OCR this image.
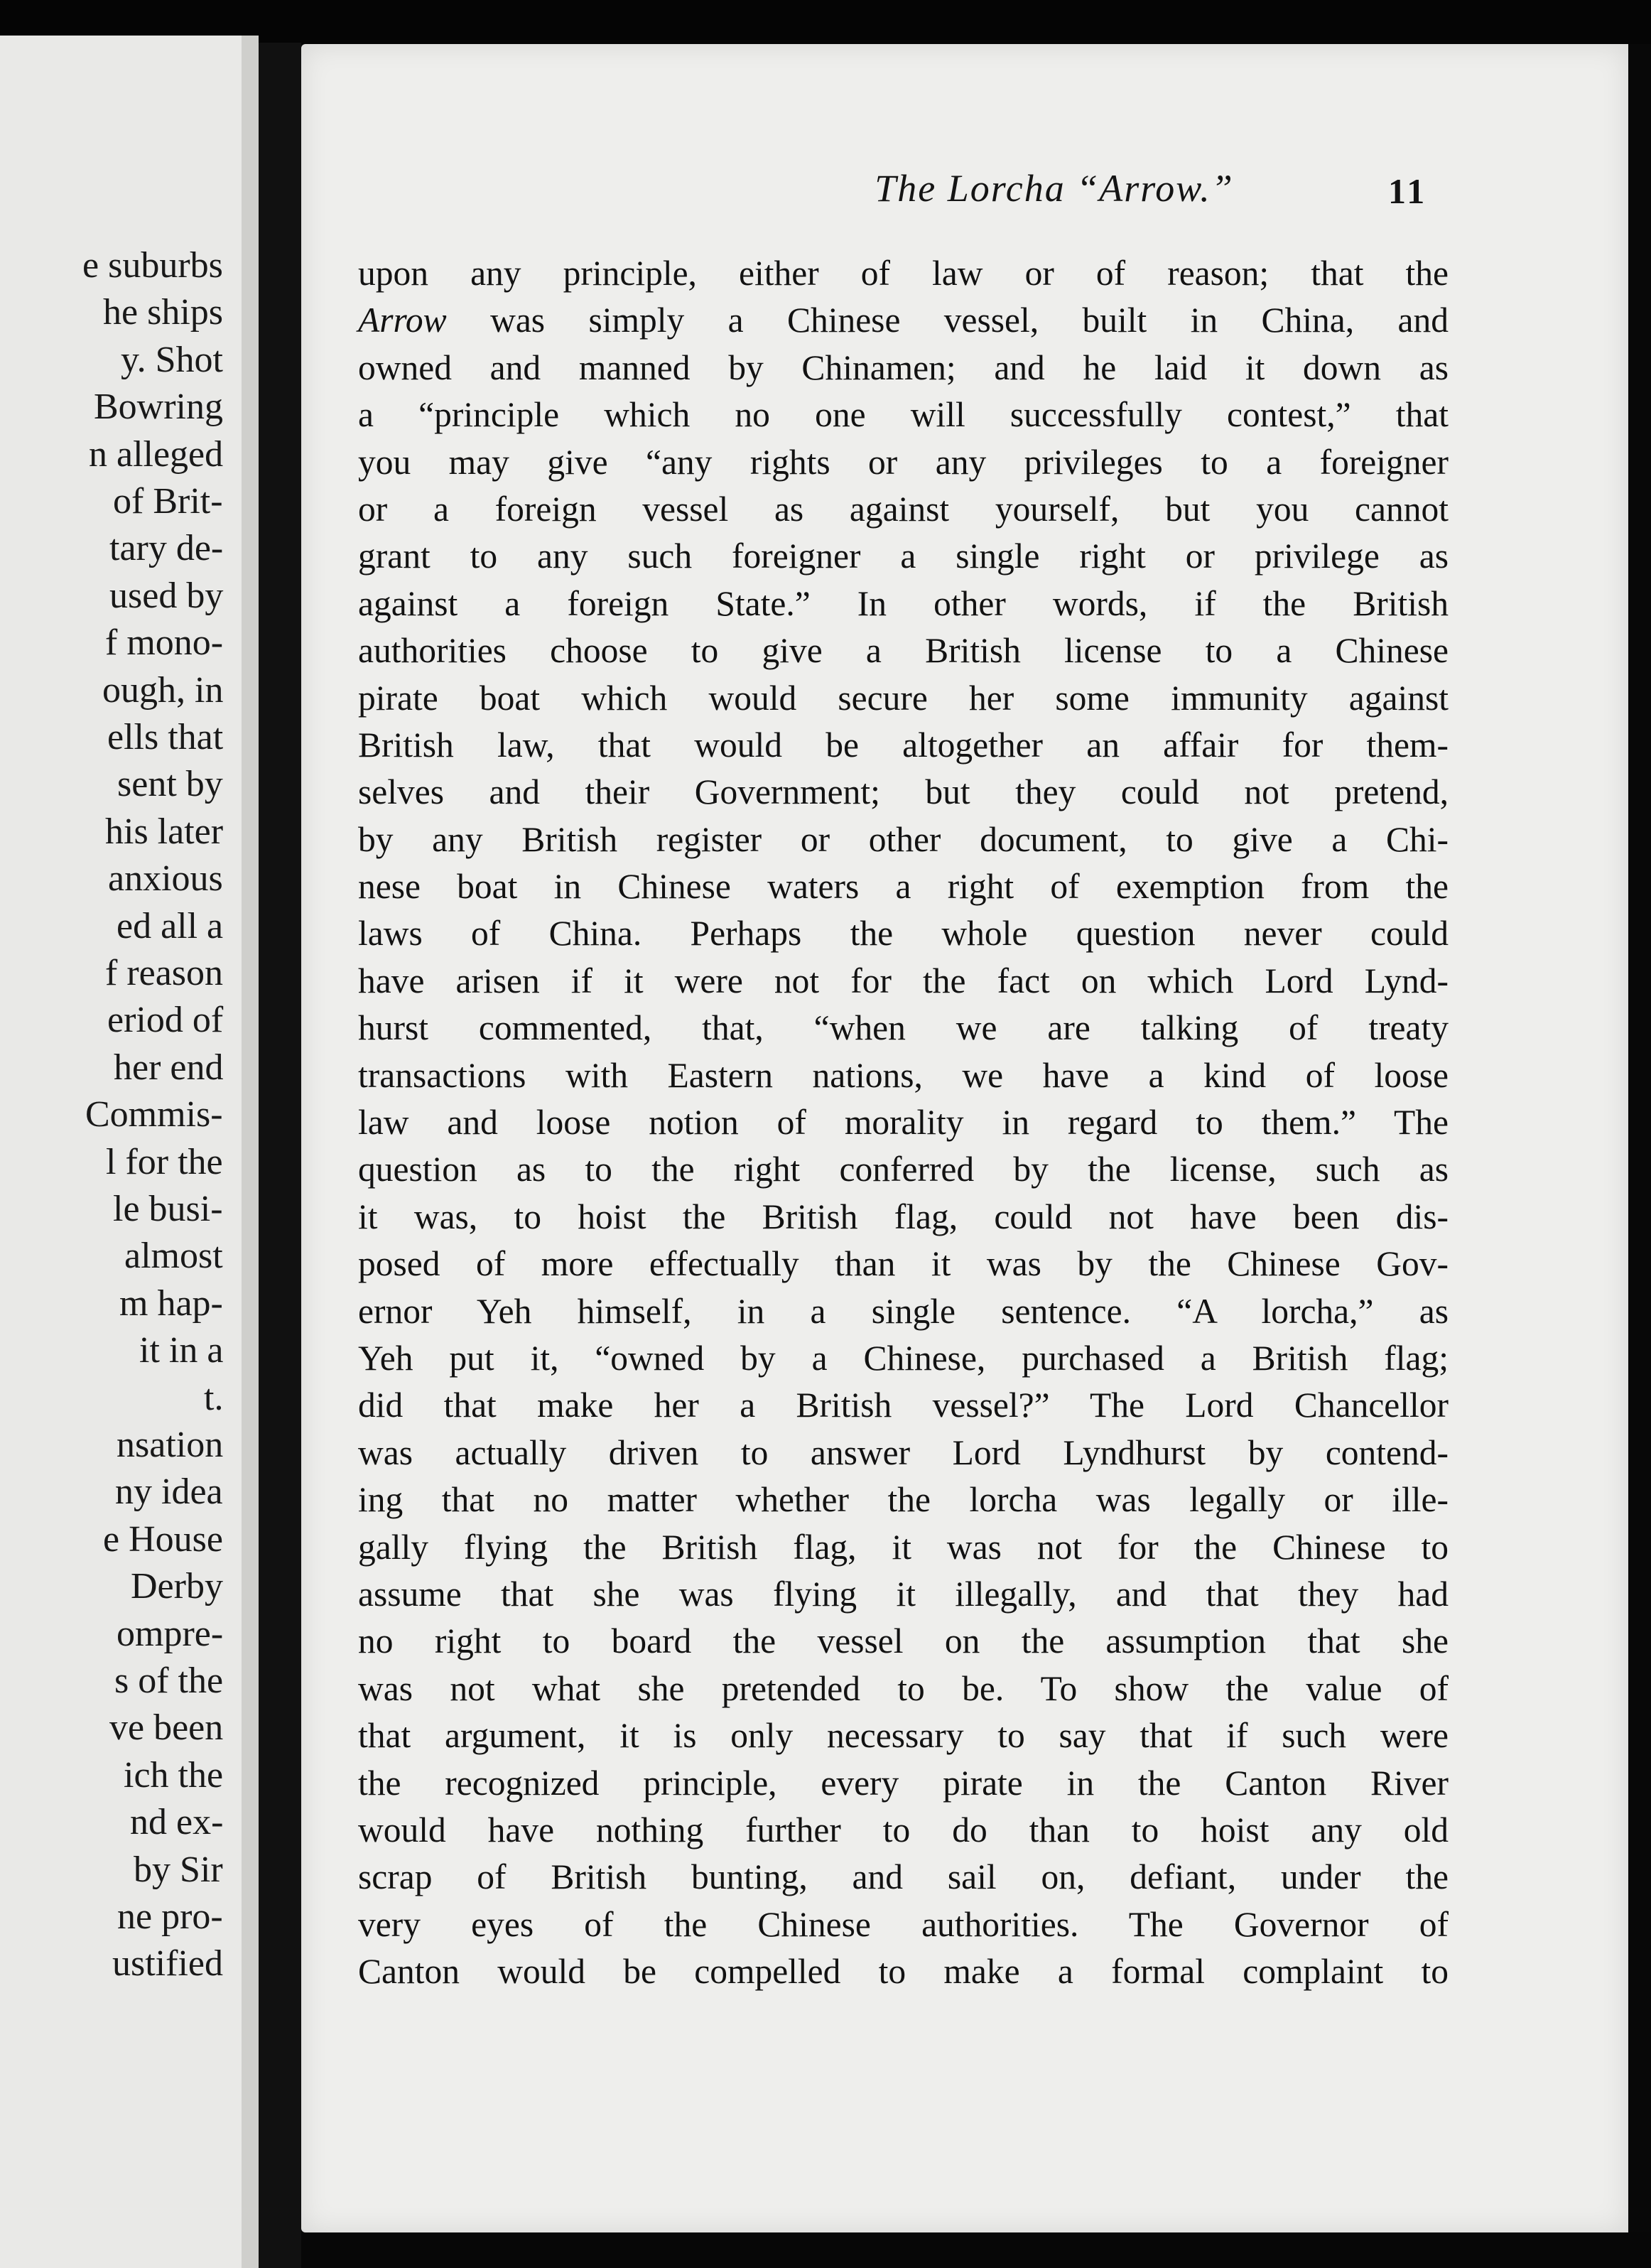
e suburbs
he ships
y. Shot
Bowring
n alleged
of Brit-
tary de-
used by
f mono-
ough, in
ells that
sent by
his later
anxious
ed all a
f reason
eriod of
her end
Commis-
l for the
le busi-
almost
m hap-
it in a
t.
nsation
ny idea
e House
Derby
ompre-
s of the
ve been
ich the
nd ex-
by Sir
ne pro-
ustified
The Lorcha “Arrow.”	11
upon any principle, either of law or of reason; that the
Arrow was simply a Chinese vessel, built in China, and
owned and manned by Chinamen; and he laid it down as
a “principle which no one will successfully contest,” that
you may give “any rights or any privileges to a foreigner
or a foreign vessel as against yourself, but you cannot
grant to any such foreigner a single right or privilege as
against a foreign State.” In other words, if the British
authorities choose to give a British license to a Chinese
pirate boat which would secure her some immunity against
British law, that would be altogether an affair for them-
selves and their Government; but they could not pretend,
by any British register or other document, to give a Chi-
nese boat in Chinese waters a right of exemption from the
laws of China. Perhaps the whole question never could
have arisen if it were not for the fact on which Lord Lynd-
hurst commented, that, “when we are talking of treaty
transactions with Eastern nations, we have a kind of loose
law and loose notion of morality in regard to them.” The
question as to the right conferred by the license, such as
it was, to hoist the British flag, could not have been dis-
posed of more effectually than it was by the Chinese Gov-
ernor Yeh himself, in a single sentence. “A lorcha,” as
Yeh put it, “owned by a Chinese, purchased a British flag;
did that make her a British vessel?” The Lord Chancellor
was actually driven to answer Lord Lyndhurst by contend-
ing that no matter whether the lorcha was legally or ille-
gally flying the British flag, it was not for the Chinese to
assume that she was flying it illegally, and that they had
no right to board the vessel on the assumption that she
was not what she pretended to be. To show the value of
that argument, it is only necessary to say that if such were
the recognized principle, every pirate in the Canton River
would have nothing further to do than to hoist any old
scrap of British bunting, and sail on, defiant, under the
very eyes of the Chinese authorities. The Governor of
Canton would be compelled to make a formal complaint to
